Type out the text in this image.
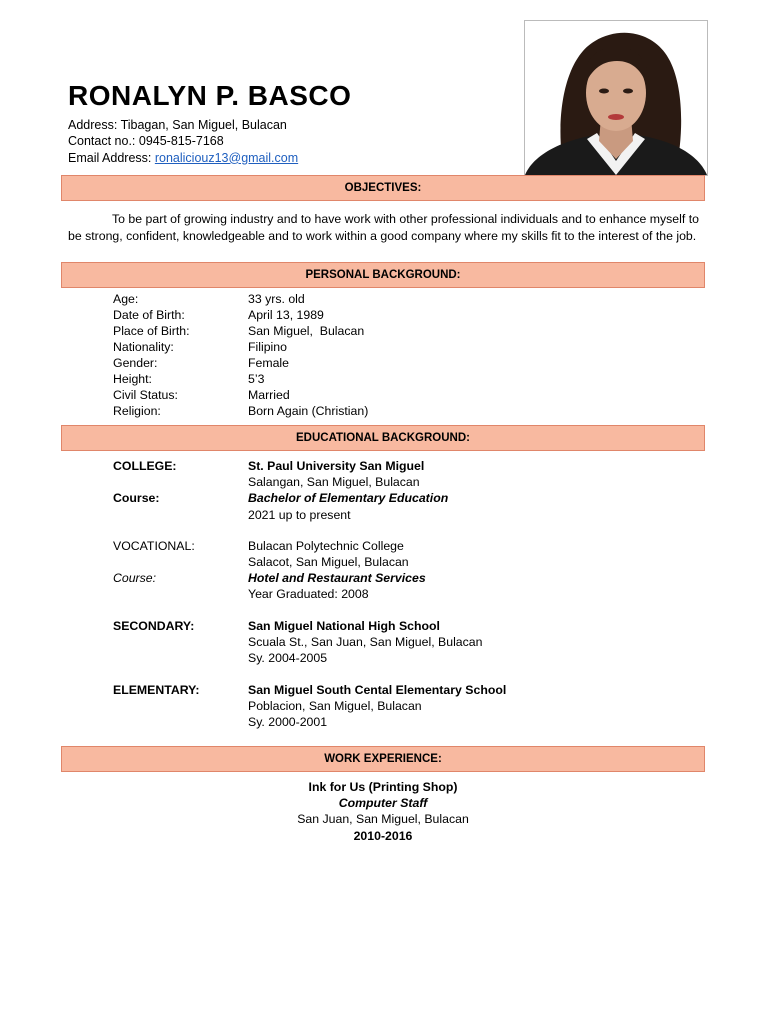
RONALYN P. BASCO
Address: Tibagan, San Miguel, Bulacan
Contact no.: 0945-815-7168
Email Address: ronaliciouz13@gmail.com
OBJECTIVES:

To be part of growing industry and to have work with other professional individuals and to enhance myself to be strong, confident, knowledgeable and to work within a good company where my skills fit to the interest of the job.

PERSONAL BACKGROUND:
Age:	33 yrs. old
Date of Birth:	April 13, 1989
Place of Birth:	San Miguel,  Bulacan
Nationality:	Filipino
Gender:	Female
Height:	5’3
Civil Status:	Married
Religion:	Born Again (Christian)
EDUCATIONAL BACKGROUND:
COLLEGE:	St. Paul University San Miguel
Salangan, San Miguel, Bulacan
Course:	Bachelor of Elementary Education
2021 up to present
VOCATIONAL:	Bulacan Polytechnic College
Salacot, San Miguel, Bulacan
Course:	Hotel and Restaurant Services
Year Graduated: 2008
SECONDARY:	San Miguel National High School
Scuala St., San Juan, San Miguel, Bulacan
Sy. 2004-2005
ELEMENTARY:	San Miguel South Cental Elementary School
Poblacion, San Miguel, Bulacan
Sy. 2000-2001
WORK EXPERIENCE:
Ink for Us (Printing Shop)
Computer Staff
San Juan, San Miguel, Bulacan
2010-2016
